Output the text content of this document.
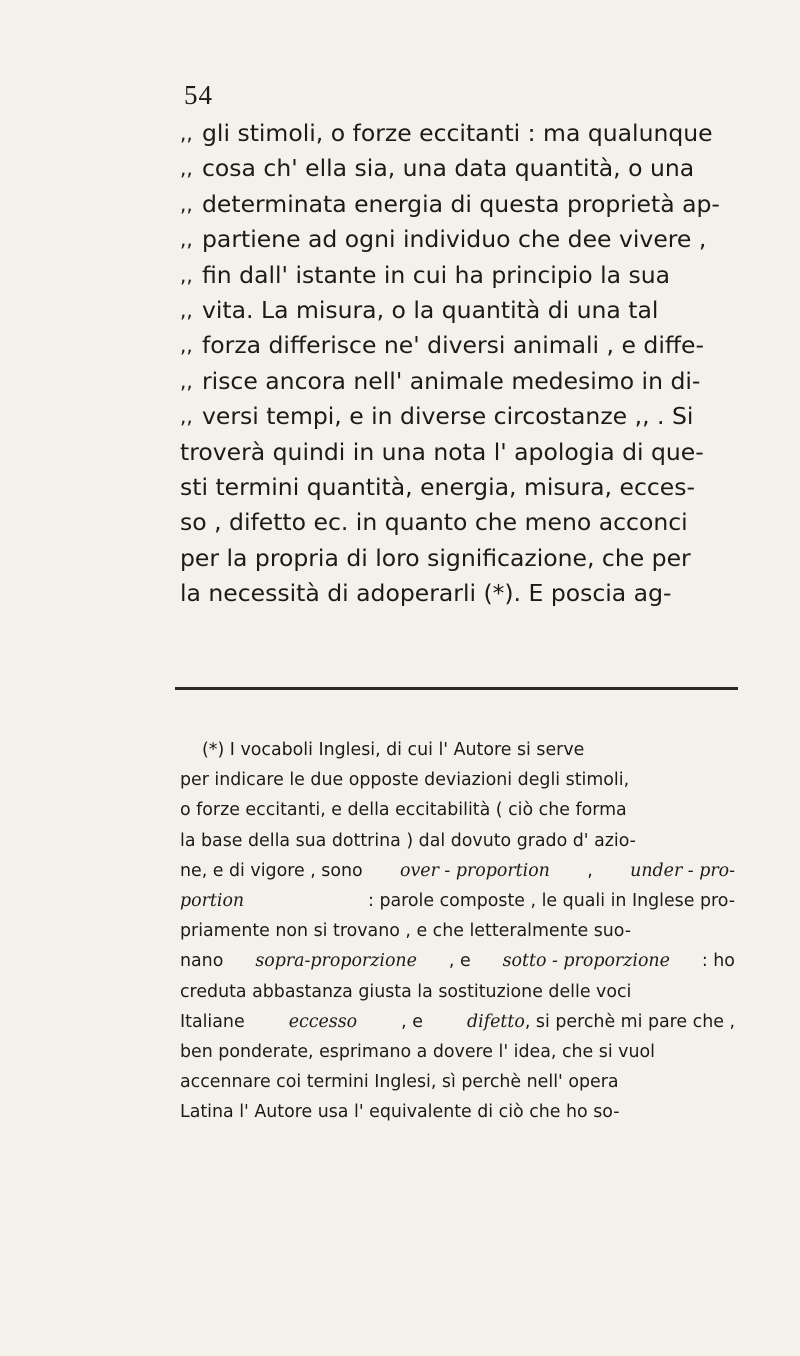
54
,, gli stimoli, o forze eccitanti : ma qualunque
,, cosa ch' ella sia, una data quantità, o una
,, determinata energia di questa proprietà ap-
,, partiene ad ogni individuo che dee vivere ,
,, fin dall' istante in cui ha principio la sua
,, vita. La misura, o la quantità di una tal
,, forza differisce ne' diversi animali , e diffe-
,, risce ancora nell' animale medesimo in di-
,, versi tempi, e in diverse circostanze ,, . Si
troverà quindi in una nota l' apologia di que-
sti termini quantità, energia, misura, ecces-
so , difetto ec. in quanto che meno acconci
per la propria di loro significazione, che per
la necessità di adoperarli (*). E poscia ag-
(*) I vocaboli Inglesi, di cui l' Autore si serve
per indicare le due opposte deviazioni degli stimoli,
o forze eccitanti, e della eccitabilità ( ciò che forma
la base della sua dottrina ) dal dovuto grado d' azio-
ne, e di vigore , sono over - proportion , under - pro-
portion	: parole composte , le quali in Inglese pro-
priamente non si trovano , e che letteralmente suo-
nano sopra-proporzione , e sotto - proporzione : ho
creduta abbastanza giusta la sostituzione delle voci
Italiane	eccesso	, e	difetto, si perchè mi pare che ,
ben ponderate, esprimano a dovere l' idea, che si vuol
accennare coi termini Inglesi, sì perchè nell' opera
Latina l' Autore usa l' equivalente di ciò che ho so-
